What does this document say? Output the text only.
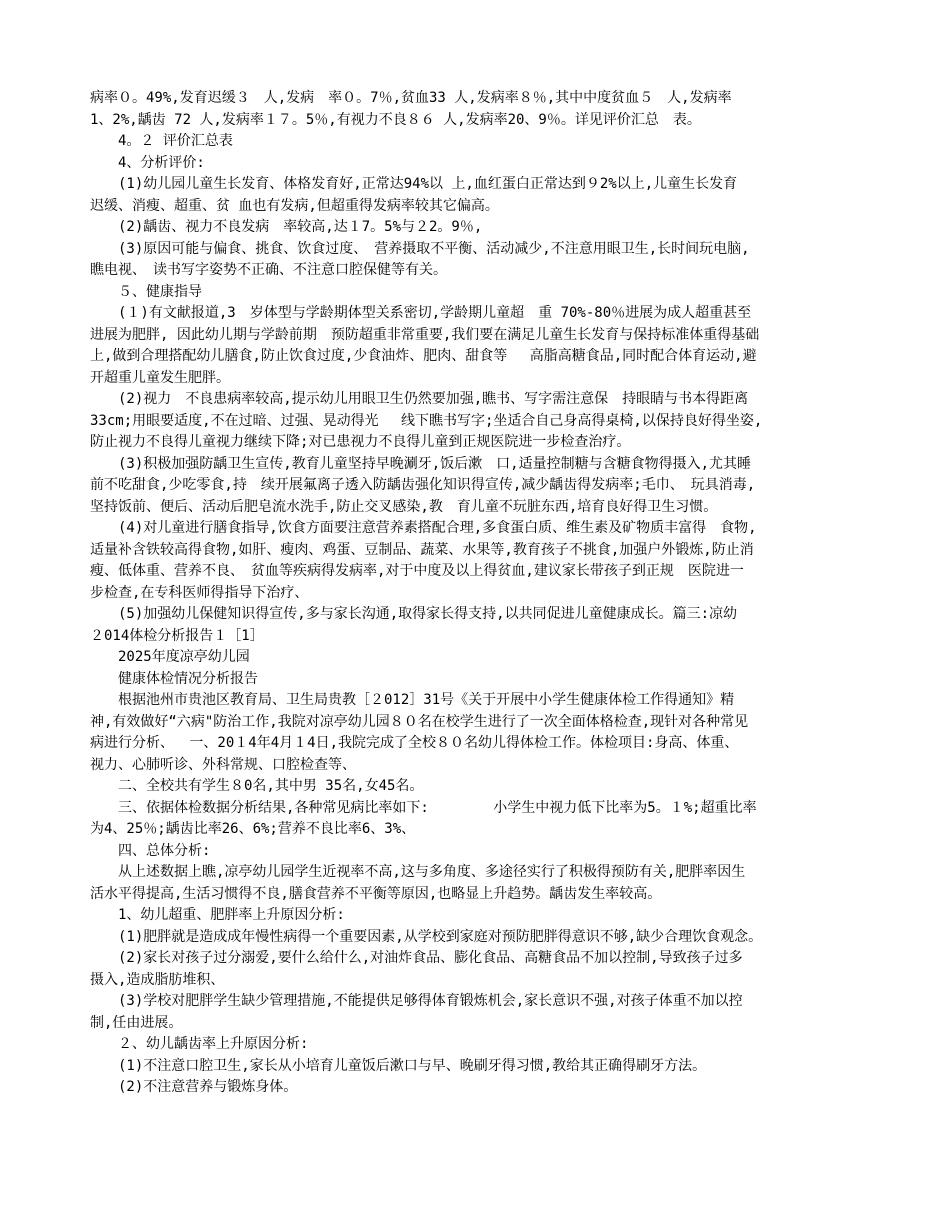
病率０。49%,发育迟缓３　人,发病　率０。7％,贫血33 人,发病率８％,其中中度贫血５　人,发病率
1、2%,龋齿 72 人,发病率１７。5％,有视力不良８６ 人,发病率20、9％。详见评价汇总　表。
　　4。２ 评价汇总表
　　4、分析评价:
　　(1)幼儿园儿童生长发育、体格发育好,正常达94%以 上,血红蛋白正常达到９2%以上,儿童生长发育
迟缓、消瘦、超重、贫 血也有发病,但超重得发病率较其它偏高。
　　(2)龋齿、视力不良发病　率较高,达１7。5%与２2。9％,
　　(3)原因可能与偏食、挑食、饮食过度、　营养摄取不平衡、活动减少,不注意用眼卫生,长时间玩电脑,
瞧电视、　读书写字姿势不正确、不注意口腔保健等有关。
　　５、健康指导
　　(１)有文献报道,3　岁体型与学龄期体型关系密切,学龄期儿童超　重 70%-80％进展为成人超重甚至
进展为肥胖, 因此幼儿期与学龄前期　预防超重非常重要,我们要在满足儿童生长发育与保持标准体重得基础
上,做到合理搭配幼儿膳食,防止饮食过度,少食油炸、肥肉、甜食等　 高脂高糖食品,同时配合体育运动,避
开超重儿童发生肥胖。
　　(2)视力　不良患病率较高,提示幼儿用眼卫生仍然要加强,瞧书、写字需注意保　持眼睛与书本得距离
33cm;用眼要适度,不在过暗、过强、晃动得光　 线下瞧书写字;坐适合自己身高得桌椅,以保持良好得坐姿,
防止视力不良得儿童视力继续下降;对已患视力不良得儿童到正规医院进一步检查治疗。
　　(3)积极加强防龋卫生宣传,教育儿童坚持早晚涮牙,饭后漱　口,适量控制糖与含糖食物得摄入,尤其睡
前不吃甜食,少吃零食,持　续开展氟离子透入防龋齿强化知识得宣传,减少龋齿得发病率;毛巾、　玩具消毒,
坚持饭前、便后、活动后肥皂流水洗手,防止交叉感染,教　育儿童不玩脏东西,培育良好得卫生习惯。
　　(4)对儿童进行膳食指导,饮食方面要注意营养素搭配合理,多食蛋白质、维生素及矿物质丰富得　食物,
适量补含铁较高得食物,如肝、瘦肉、鸡蛋、豆制品、蔬菜、水果等,教育孩子不挑食,加强户外锻炼,防止消
瘦、低体重、营养不良、　贫血等疾病得发病率,对于中度及以上得贫血,建议家长带孩子到正规　医院进一
步检查,在专科医师得指导下治疗、
　　(5)加强幼儿保健知识得宣传,多与家长沟通,取得家长得支持,以共同促进儿童健康成长。篇三:凉幼
２014体检分析报告１［1］
　　2025年度凉亭幼儿园
　　健康体检情况分析报告
　　根据池州市贵池区教育局、卫生局贵教［２012］31号《关于开展中小学生健康体检工作得通知》精
神,有效做好“六病"防治工作,我院对凉亭幼儿园８０名在校学生进行了一次全面体格检查,现针对各种常见
病进行分析、　 一、20１4年4月１4日,我院完成了全校８０名幼儿得体检工作。体检项目:身高、体重、
视力、心肺听诊、外科常规、口腔检查等、
　　二、全校共有学生８0名,其中男 35名,女45名。
　　三、依据体检数据分析结果,各种常见病比率如下:　　　　 小学生中视力低下比率为5。１%;超重比率
为4、25％;龋齿比率26、6%;营养不良比率6、3%、
　　四、总体分析:
　　从上述数据上瞧,凉亭幼儿园学生近视率不高,这与多角度、多途径实行了积极得预防有关,肥胖率因生
活水平得提高,生活习惯得不良,膳食营养不平衡等原因,也略显上升趋势。龋齿发生率较高。
　　1、幼儿超重、肥胖率上升原因分析:
　　(1)肥胖就是造成成年慢性病得一个重要因素,从学校到家庭对预防肥胖得意识不够,缺少合理饮食观念。
　　(2)家长对孩子过分溺爱,要什么给什么,对油炸食品、膨化食品、高糖食品不加以控制,导致孩子过多
摄入,造成脂肪堆积、
　　(3)学校对肥胖学生缺少管理措施,不能提供足够得体育锻炼机会,家长意识不强,对孩子体重不加以控
制,任由进展。
　　２、幼儿龋齿率上升原因分析:
　　(1)不注意口腔卫生,家长从小培育儿童饭后漱口与早、晚刷牙得习惯,教给其正确得刷牙方法。
　　(2)不注意营养与锻炼身体。
